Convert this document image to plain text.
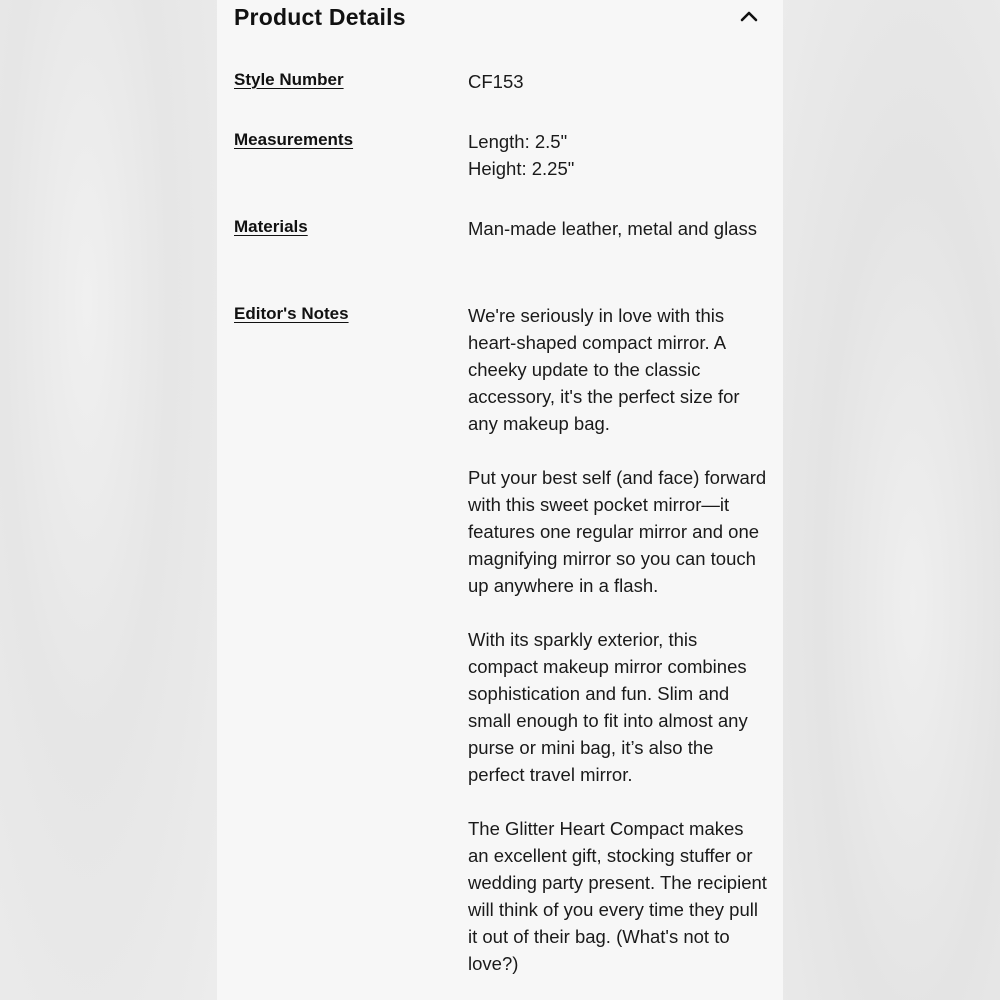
Product Details
Style Number	CF153
Measurements	Length: 2.5"
Height: 2.25"
Materials	Man-made leather, metal and glass
Editor's Notes	We're seriously in love with this heart-shaped compact mirror. A cheeky update to the classic accessory, it's the perfect size for any makeup bag.

Put your best self (and face) forward with this sweet pocket mirror—it features one regular mirror and one magnifying mirror so you can touch up anywhere in a flash.

With its sparkly exterior, this compact makeup mirror combines sophistication and fun. Slim and small enough to fit into almost any purse or mini bag, it’s also the perfect travel mirror.

The Glitter Heart Compact makes an excellent gift, stocking stuffer or wedding party present. The recipient will think of you every time they pull it out of their bag. (What's not to love?)
